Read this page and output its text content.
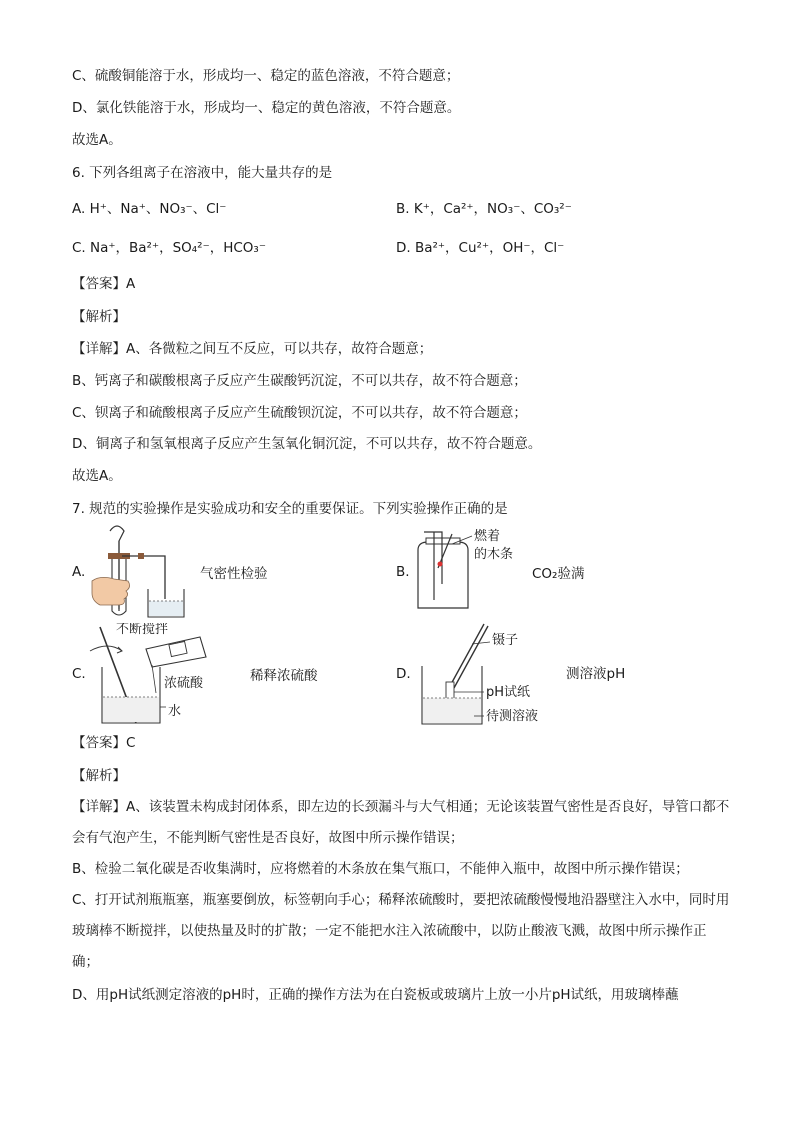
C、硫酸铜能溶于水，形成均一、稳定的蓝色溶液，不符合题意；
D、氯化铁能溶于水，形成均一、稳定的黄色溶液，不符合题意。
故选A。
6. 下列各组离子在溶液中，能大量共存的是
A. H⁺、Na⁺、NO₃⁻、Cl⁻	B. K⁺，Ca²⁺，NO₃⁻、CO₃²⁻
C. Na⁺，Ba²⁺，SO₄²⁻，HCO₃⁻	D. Ba²⁺，Cu²⁺，OH⁻，Cl⁻
【答案】A
【解析】
【详解】A、各微粒之间互不反应，可以共存，故符合题意；
B、钙离子和碳酸根离子反应产生碳酸钙沉淀，不可以共存，故不符合题意；
C、钡离子和硫酸根离子反应产生硫酸钡沉淀，不可以共存，故不符合题意；
D、铜离子和氢氧根离子反应产生氢氧化铜沉淀，不可以共存，故不符合题意。
故选A。
7. 规范的实验操作是实验成功和安全的重要保证。下列实验操作正确的是
A.	气密性检验	B.
燃着
的木条
CO₂验满
C.
不断搅拌
浓硫酸
水
稀释浓硫酸	D.
镊子
pH试纸
待测溶液
测溶液pH
【答案】C
【解析】
【详解】A、该装置未构成封闭体系，即左边的长颈漏斗与大气相通；无论该装置气密性是否良好，导管口都不会有气泡产生，不能判断气密性是否良好，故图中所示操作错误；
B、检验二氧化碳是否收集满时，应将燃着的木条放在集气瓶口，不能伸入瓶中，故图中所示操作错误；
C、打开试剂瓶瓶塞，瓶塞要倒放，标签朝向手心；稀释浓硫酸时，要把浓硫酸慢慢地沿器壁注入水中，同时用玻璃棒不断搅拌，以使热量及时的扩散；一定不能把水注入浓硫酸中，以防止酸液飞溅，故图中所示操作正确；
D、用pH试纸测定溶液的pH时，正确的操作方法为在白瓷板或玻璃片上放一小片pH试纸，用玻璃棒蘸
